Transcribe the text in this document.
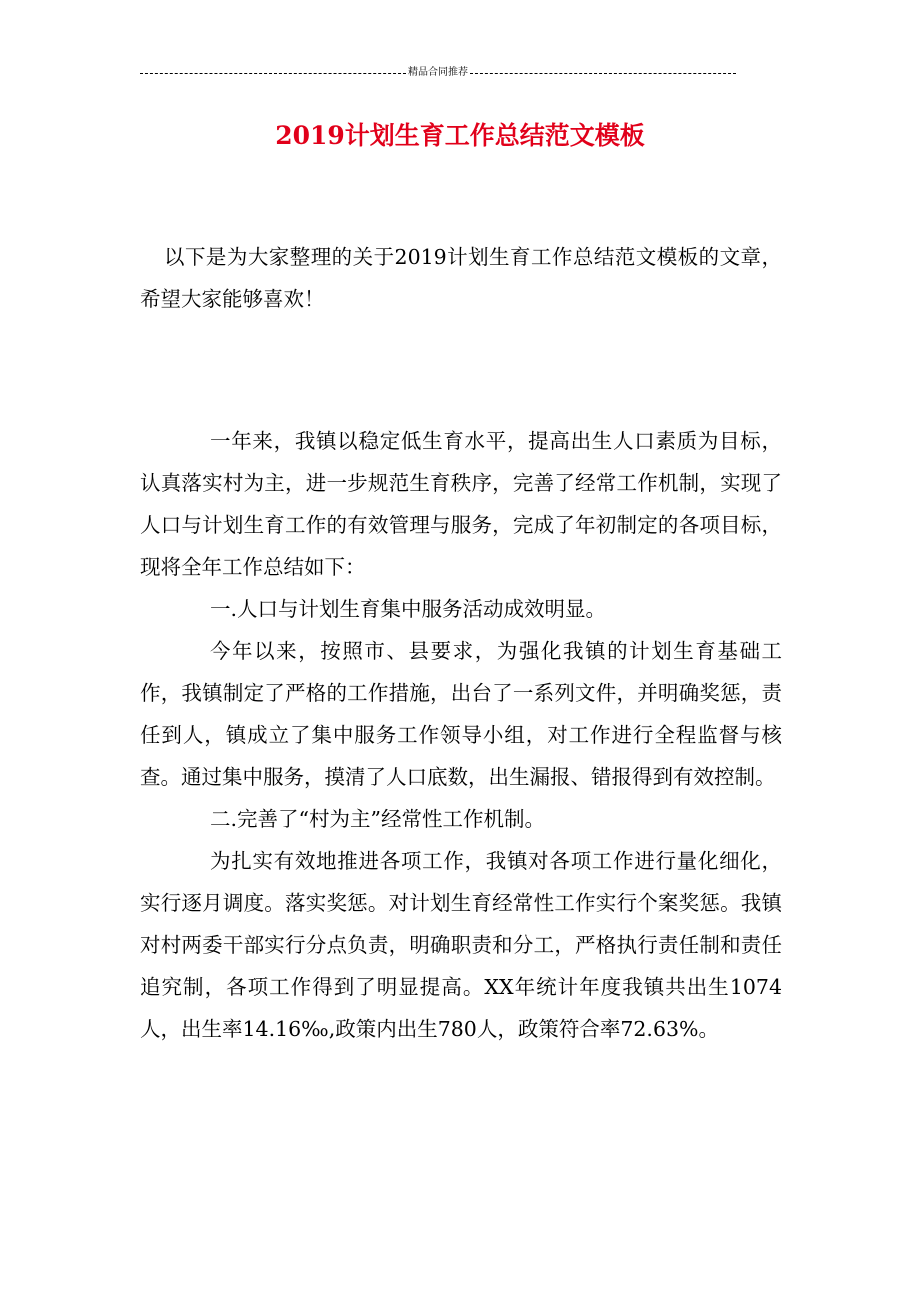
精品合同推荐
2019计划生育工作总结范文模板

以下是为大家整理的关于2019计划生育工作总结范文模板的文章，希望大家能够喜欢！

一年来，我镇以稳定低生育水平，提高出生人口素质为目标，认真落实村为主，进一步规范生育秩序，完善了经常工作机制，实现了人口与计划生育工作的有效管理与服务，完成了年初制定的各项目标，现将全年工作总结如下：

一.人口与计划生育集中服务活动成效明显。

今年以来，按照市、县要求，为强化我镇的计划生育基础工作，我镇制定了严格的工作措施，出台了一系列文件，并明确奖惩，责任到人，镇成立了集中服务工作领导小组，对工作进行全程监督与核查。通过集中服务，摸清了人口底数，出生漏报、错报得到有效控制。

二.完善了“村为主”经常性工作机制。

为扎实有效地推进各项工作，我镇对各项工作进行量化细化，实行逐月调度。落实奖惩。对计划生育经常性工作实行个案奖惩。我镇对村两委干部实行分点负责，明确职责和分工，严格执行责任制和责任追究制，各项工作得到了明显提高。XX年统计年度我镇共出生1074人，出生率14.16‰,政策内出生780人，政策符合率72.63%。
